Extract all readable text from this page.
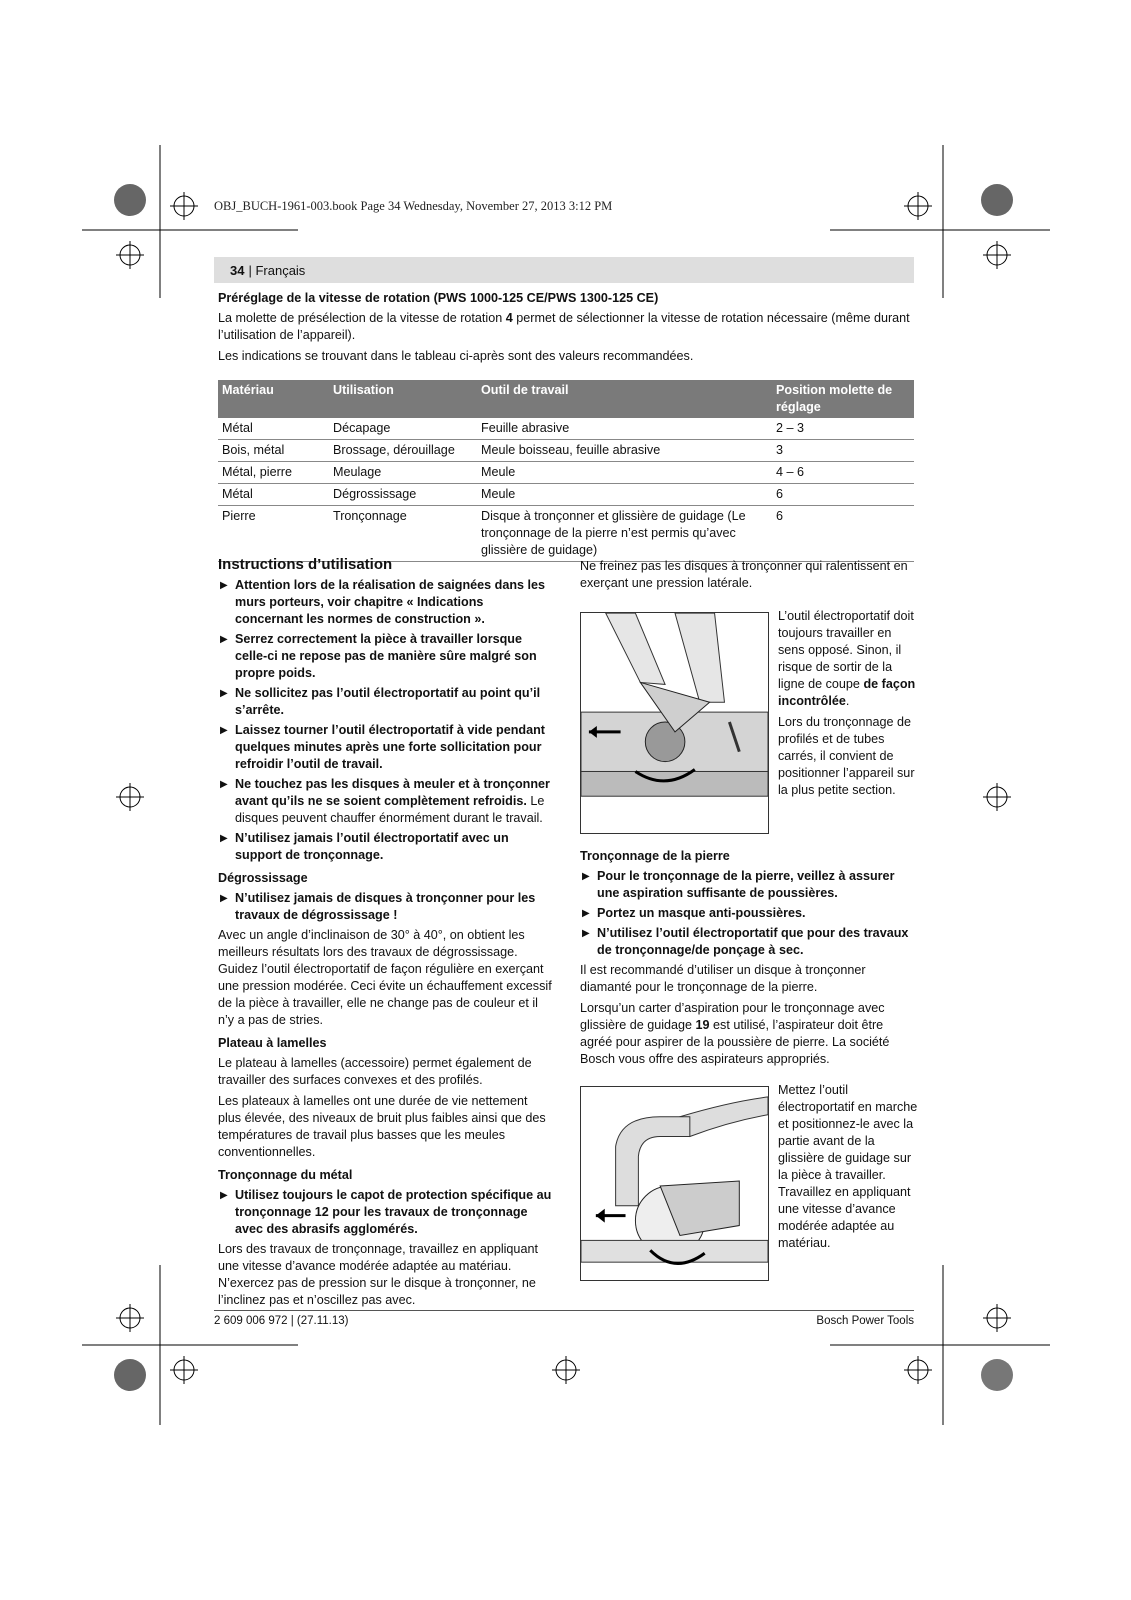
OBJ_BUCH-1961-003.book Page 34 Wednesday, November 27, 2013 3:12 PM
34 | Français
Préréglage de la vitesse de rotation (PWS 1000-125 CE/PWS 1300-125 CE)

La molette de présélection de la vitesse de rotation 4 permet de sélectionner la vitesse de rotation nécessaire (même durant l’utilisation de l’appareil).

Les indications se trouvant dans le tableau ci-après sont des valeurs recommandées.

Matériau	Utilisation	Outil de travail	Position molette de réglage
Métal	Décapage	Feuille abrasive	2 – 3
Bois, métal	Brossage, dérouillage	Meule boisseau, feuille abrasive	3
Métal, pierre	Meulage	Meule	4 – 6
Métal	Dégrossissage	Meule	6
Pierre	Tronçonnage	Disque à tronçonner et glissière de guidage (Le tronçonnage de la pierre n’est permis qu’avec glissière de guidage)	6
Instructions d’utilisation
▶ Attention lors de la réalisation de saignées dans les murs porteurs, voir chapitre « Indications concernant les normes de construction ».
▶ Serrez correctement la pièce à travailler lorsque celle-ci ne repose pas de manière sûre malgré son propre poids.
▶ Ne sollicitez pas l’outil électroportatif au point qu’il s’arrête.
▶ Laissez tourner l’outil électroportatif à vide pendant quelques minutes après une forte sollicitation pour refroidir l’outil de travail.
▶ Ne touchez pas les disques à meuler et à tronçonner avant qu’ils ne se soient complètement refroidis. Le disques peuvent chauffer énormément durant le travail.
▶ N’utilisez jamais l’outil électroportatif avec un support de tronçonnage.
Dégrossissage
▶ N’utilisez jamais de disques à tronçonner pour les travaux de dégrossissage !

Avec un angle d’inclinaison de 30° à 40°, on obtient les meilleurs résultats lors des travaux de dégrossissage. Guidez l’outil électroportatif de façon régulière en exerçant une pression modérée. Ceci évite un échauffement excessif de la pièce à travailler, elle ne change pas de couleur et il n’y a pas de stries.

Plateau à lamelles

Le plateau à lamelles (accessoire) permet également de travailler des surfaces convexes et des profilés.

Les plateaux à lamelles ont une durée de vie nettement plus élevée, des niveaux de bruit plus faibles ainsi que des températures de travail plus basses que les meules conventionnelles.

Tronçonnage du métal
▶ Utilisez toujours le capot de protection spécifique au tronçonnage 12 pour les travaux de tronçonnage avec des abrasifs agglomérés.

Lors des travaux de tronçonnage, travaillez en appliquant une vitesse d’avance modérée adaptée au matériau. N’exercez pas de pression sur le disque à tronçonner, ne l’inclinez pas et n’oscillez pas avec.

Ne freinez pas les disques à tronçonner qui ralentissent en exerçant une pression latérale.

L’outil électroportatif doit toujours travailler en sens opposé. Sinon, il risque de sortir de la ligne de coupe de façon incontrôlée.

Lors du tronçonnage de profilés et de tubes carrés, il convient de positionner l’appareil sur la plus petite section.

Tronçonnage de la pierre
▶ Pour le tronçonnage de la pierre, veillez à assurer une aspiration suffisante de poussières.
▶ Portez un masque anti-poussières.
▶ N’utilisez l’outil électroportatif que pour des travaux de tronçonnage/de ponçage à sec.

Il est recommandé d’utiliser un disque à tronçonner diamanté pour le tronçonnage de la pierre.

Lorsqu’un carter d’aspiration pour le tronçonnage avec glissière de guidage 19 est utilisé, l’aspirateur doit être agréé pour aspirer de la poussière de pierre. La société Bosch vous offre des aspirateurs appropriés.

Mettez l’outil électroportatif en marche et positionnez-le avec la partie avant de la glissière de guidage sur la pièce à travailler. Travaillez en appliquant une vitesse d’avance modérée adaptée au matériau.
2 609 006 972 | (27.11.13)	Bosch Power Tools
